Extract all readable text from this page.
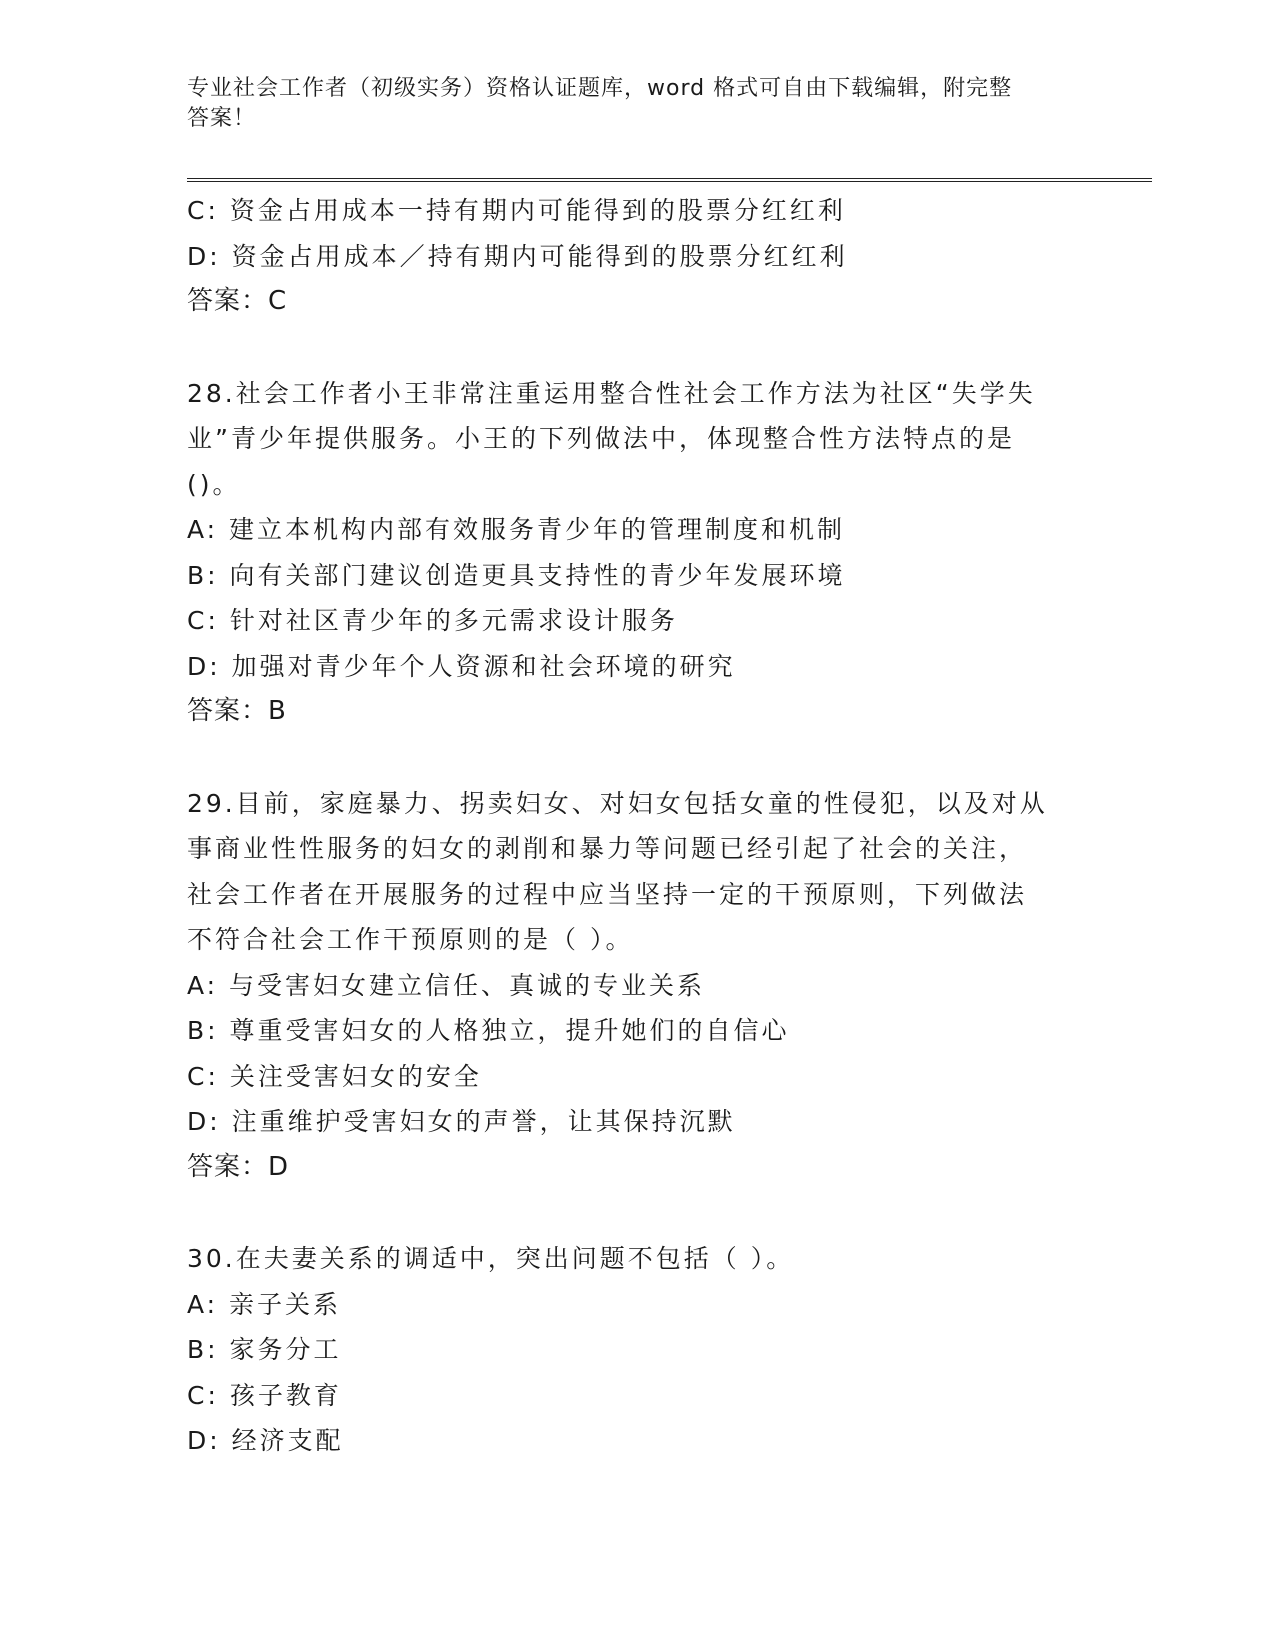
专业社会工作者（初级实务）资格认证题库，word 格式可自由下载编辑，附完整
答案！
C: 资金占用成本一持有期内可能得到的股票分红红利
D: 资金占用成本／持有期内可能得到的股票分红红利
答案：C
28.社会工作者小王非常注重运用整合性社会工作方法为社区“失学失
业”青少年提供服务。小王的下列做法中，体现整合性方法特点的是
()。
A: 建立本机构内部有效服务青少年的管理制度和机制
B: 向有关部门建议创造更具支持性的青少年发展环境
C: 针对社区青少年的多元需求设计服务
D: 加强对青少年个人资源和社会环境的研究
答案：B
29.目前，家庭暴力、拐卖妇女、对妇女包括女童的性侵犯，以及对从
事商业性性服务的妇女的剥削和暴力等问题已经引起了社会的关注，
社会工作者在开展服务的过程中应当坚持一定的干预原则，下列做法
不符合社会工作干预原则的是（ ）。
A: 与受害妇女建立信任、真诚的专业关系
B: 尊重受害妇女的人格独立，提升她们的自信心
C: 关注受害妇女的安全
D: 注重维护受害妇女的声誉，让其保持沉默
答案：D
30.在夫妻关系的调适中，突出问题不包括（ ）。
A: 亲子关系
B: 家务分工
C: 孩子教育
D: 经济支配
